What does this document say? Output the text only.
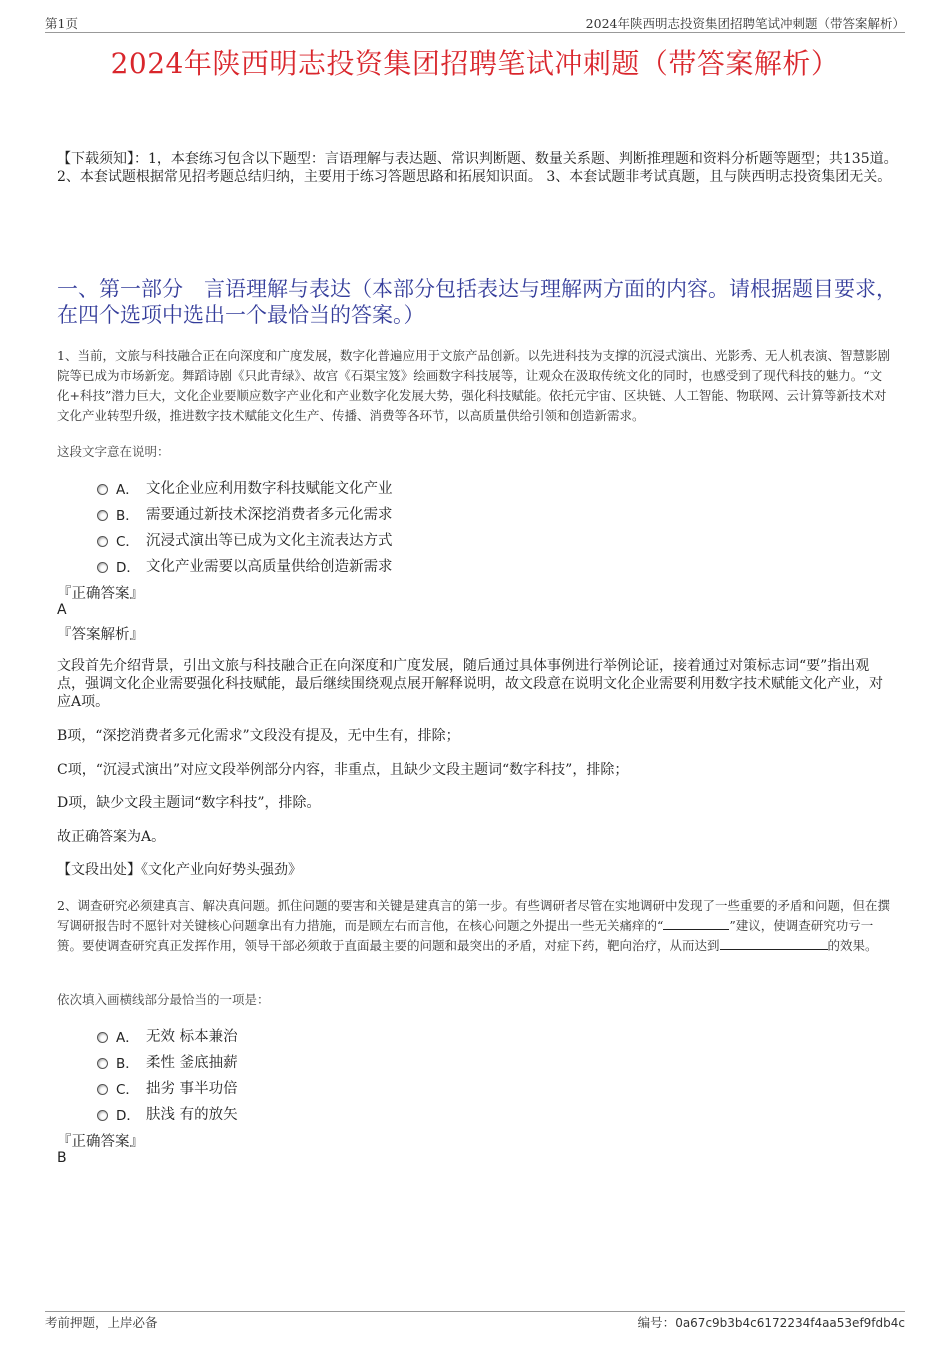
第1页	2024年陕西明志投资集团招聘笔试冲刺题（带答案解析）
2024年陕西明志投资集团招聘笔试冲刺题（带答案解析）
【下载须知】：1，本套练习包含以下题型：言语理解与表达题、常识判断题、数量关系题、判断推理题和资料分析题等题型；共135道。 2、本套试题根据常见招考题总结归纳，主要用于练习答题思路和拓展知识面。 3、本套试题非考试真题，且与陕西明志投资集团无关。
一、第一部分　言语理解与表达（本部分包括表达与理解两方面的内容。请根据题目要求，在四个选项中选出一个最恰当的答案。）
1、当前，文旅与科技融合正在向深度和广度发展，数字化普遍应用于文旅产品创新。以先进科技为支撑的沉浸式演出、光影秀、无人机表演、智慧影剧院等已成为市场新宠。舞蹈诗剧《只此青绿》、故宫《石渠宝笈》绘画数字科技展等，让观众在汲取传统文化的同时，也感受到了现代科技的魅力。“文化+科技”潜力巨大，文化企业要顺应数字产业化和产业数字化发展大势，强化科技赋能。依托元宇宙、区块链、人工智能、物联网、云计算等新技术对文化产业转型升级，推进数字技术赋能文化生产、传播、消费等各环节，以高质量供给引领和创造新需求。
这段文字意在说明：
A． 文化企业应利用数字科技赋能文化产业
B． 需要通过新技术深挖消费者多元化需求
C． 沉浸式演出等已成为文化主流表达方式
D． 文化产业需要以高质量供给创造新需求
『正确答案』
A
『答案解析』
文段首先介绍背景，引出文旅与科技融合正在向深度和广度发展，随后通过具体事例进行举例论证，接着通过对策标志词“要”指出观点，强调文化企业需要强化科技赋能，最后继续围绕观点展开解释说明，故文段意在说明文化企业需要利用数字技术赋能文化产业，对应A项。
B项，“深挖消费者多元化需求”文段没有提及，无中生有，排除；
C项，“沉浸式演出”对应文段举例部分内容，非重点，且缺少文段主题词“数字科技”，排除；
D项，缺少文段主题词“数字科技”，排除。
故正确答案为A。
【文段出处】《文化产业向好势头强劲》
2、调查研究必须建真言、解决真问题。抓住问题的要害和关键是建真言的第一步。有些调研者尽管在实地调研中发现了一些重要的矛盾和问题，但在撰写调研报告时不愿针对关键核心问题拿出有力措施，而是顾左右而言他，在核心问题之外提出一些无关痛痒的“	”建议，使调查研究功亏一篑。要使调查研究真正发挥作用，领导干部必须敢于直面最主要的问题和最突出的矛盾，对症下药，靶向治疗，从而达到	的效果。
依次填入画横线部分最恰当的一项是：
A． 无效 标本兼治
B． 柔性 釜底抽薪
C． 拙劣 事半功倍
D． 肤浅 有的放矢
『正确答案』
B
考前押题，上岸必备	编号：0a67c9b3b4c6172234f4aa53ef9fdb4c
